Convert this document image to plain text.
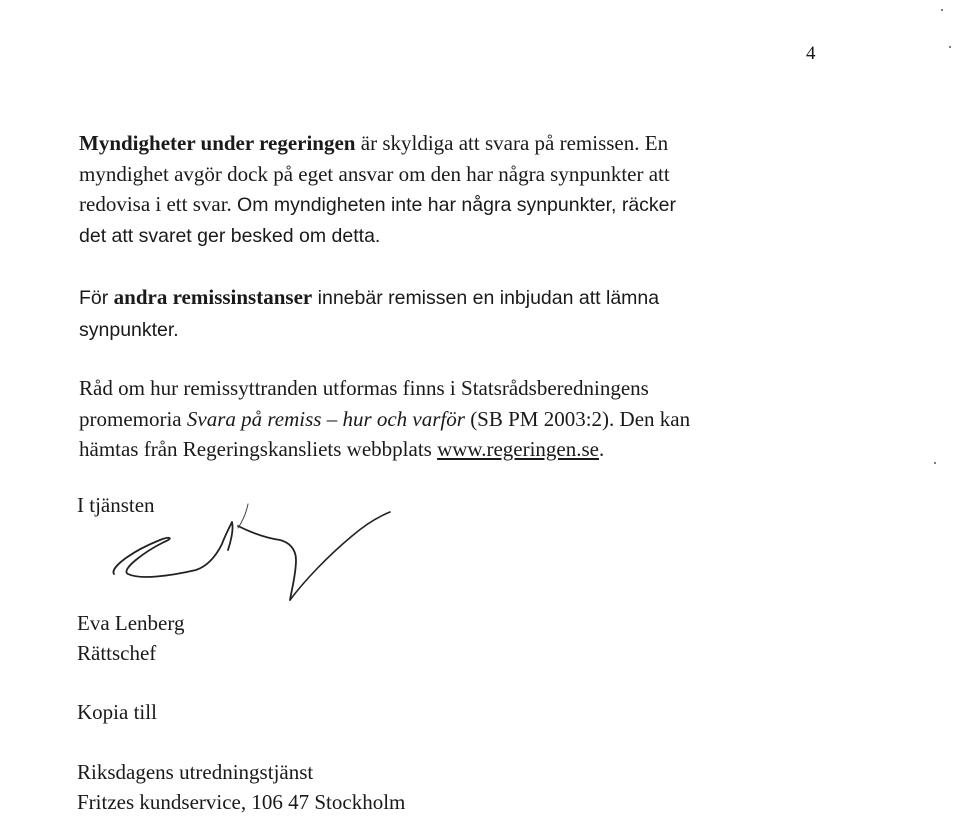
4
Myndigheter under regeringen är skyldiga att svara på remissen. En
myndighet avgör dock på eget ansvar om den har några synpunkter att
redovisa i ett svar. Om myndigheten inte har några synpunkter, räcker
det att svaret ger besked om detta.
För andra remissinstanser innebär remissen en inbjudan att lämna
synpunkter.
Råd om hur remissyttranden utformas finns i Statsrådsberedningens
promemoria Svara på remiss – hur och varför (SB PM 2003:2). Den kan
hämtas från Regeringskansliets webbplats www.regeringen.se.
I tjänsten
Eva Lenberg
Rättschef
Kopia till
Riksdagens utredningstjänst
Fritzes kundservice, 106 47 Stockholm
